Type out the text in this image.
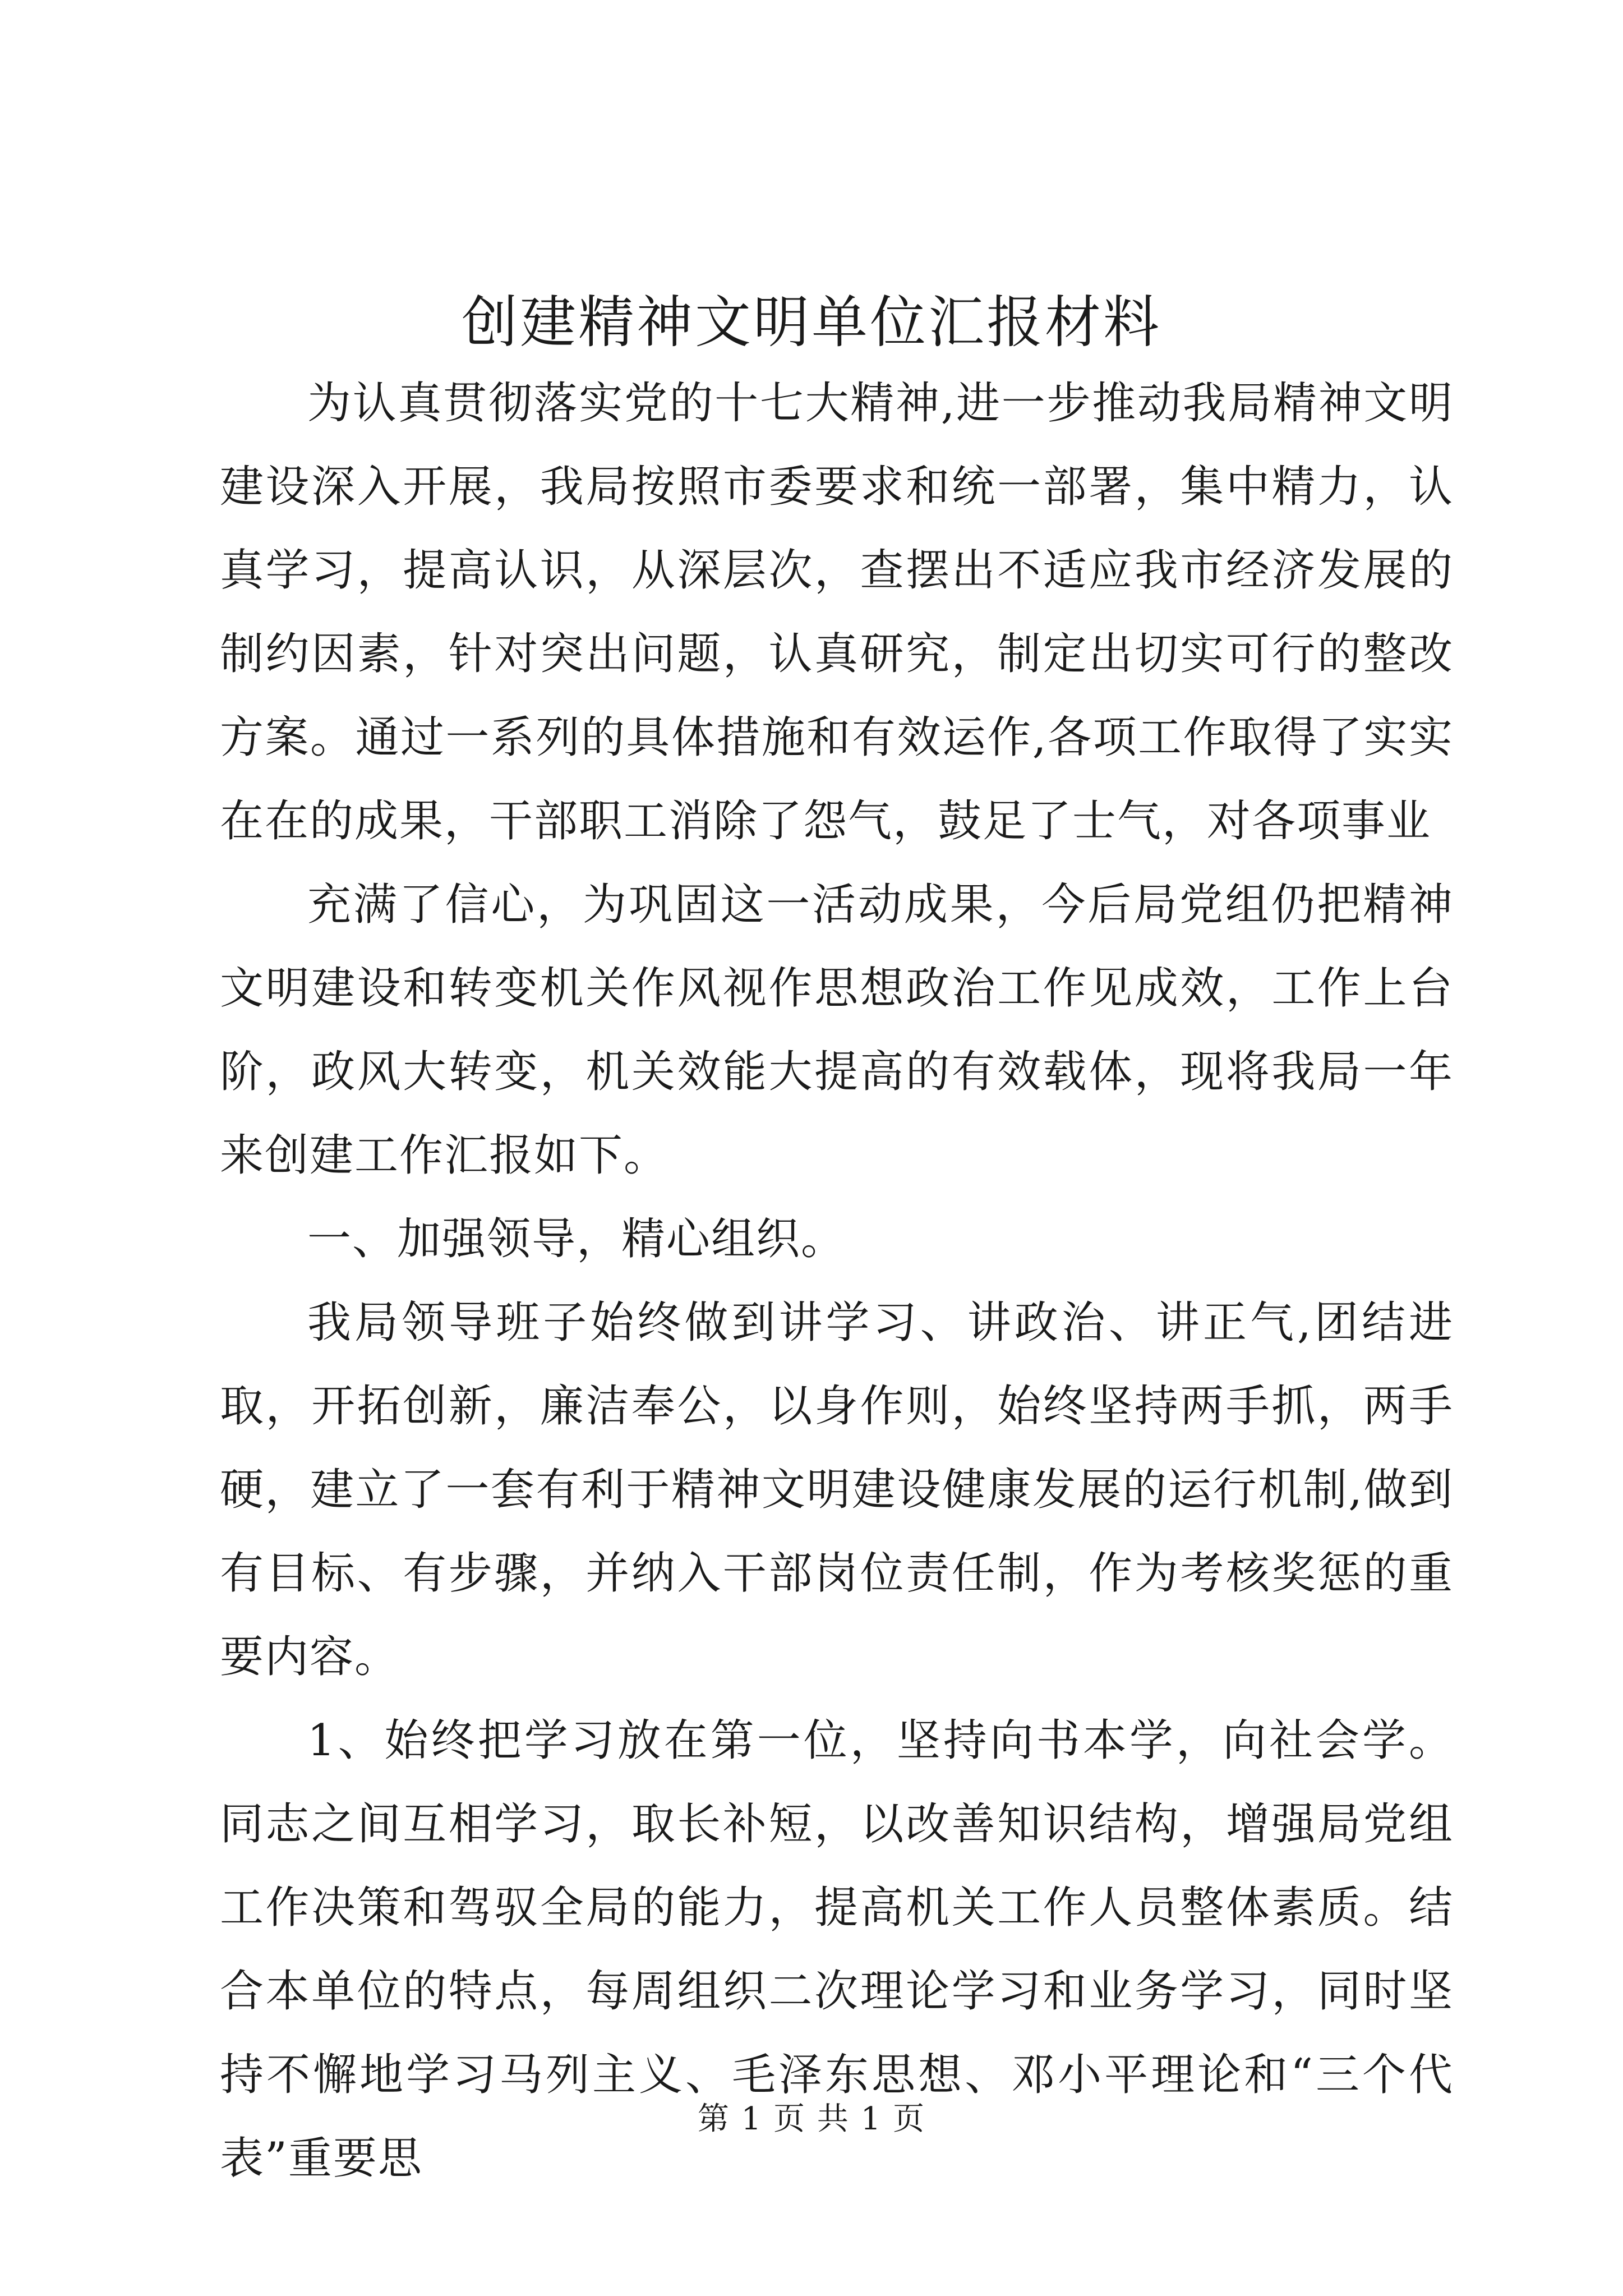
创建精神文明单位汇报材料

为认真贯彻落实党的十七大精神,进一步推动我局精神文明建设深入开展，我局按照市委要求和统一部署，集中精力，认真学习，提高认识，从深层次，查摆出不适应我市经济发展的制约因素，针对突出问题，认真研究，制定出切实可行的整改方案。通过一系列的具体措施和有效运作,各项工作取得了实实在在的成果，干部职工消除了怨气，鼓足了士气，对各项事业

充满了信心，为巩固这一活动成果，今后局党组仍把精神文明建设和转变机关作风视作思想政治工作见成效，工作上台阶，政风大转变，机关效能大提高的有效载体，现将我局一年来创建工作汇报如下。

一、加强领导，精心组织。

我局领导班子始终做到讲学习、讲政治、讲正气,团结进取，开拓创新，廉洁奉公，以身作则，始终坚持两手抓，两手硬，建立了一套有利于精神文明建设健康发展的运行机制,做到有目标、有步骤，并纳入干部岗位责任制，作为考核奖惩的重要内容。

1、始终把学习放在第一位，坚持向书本学，向社会学。同志之间互相学习，取长补短，以改善知识结构，增强局党组工作决策和驾驭全局的能力，提高机关工作人员整体素质。结合本单位的特点，每周组织二次理论学习和业务学习，同时坚持不懈地学习马列主义、毛泽东思想、邓小平理论和“三个代表”重要思

第 1 页 共 1 页
